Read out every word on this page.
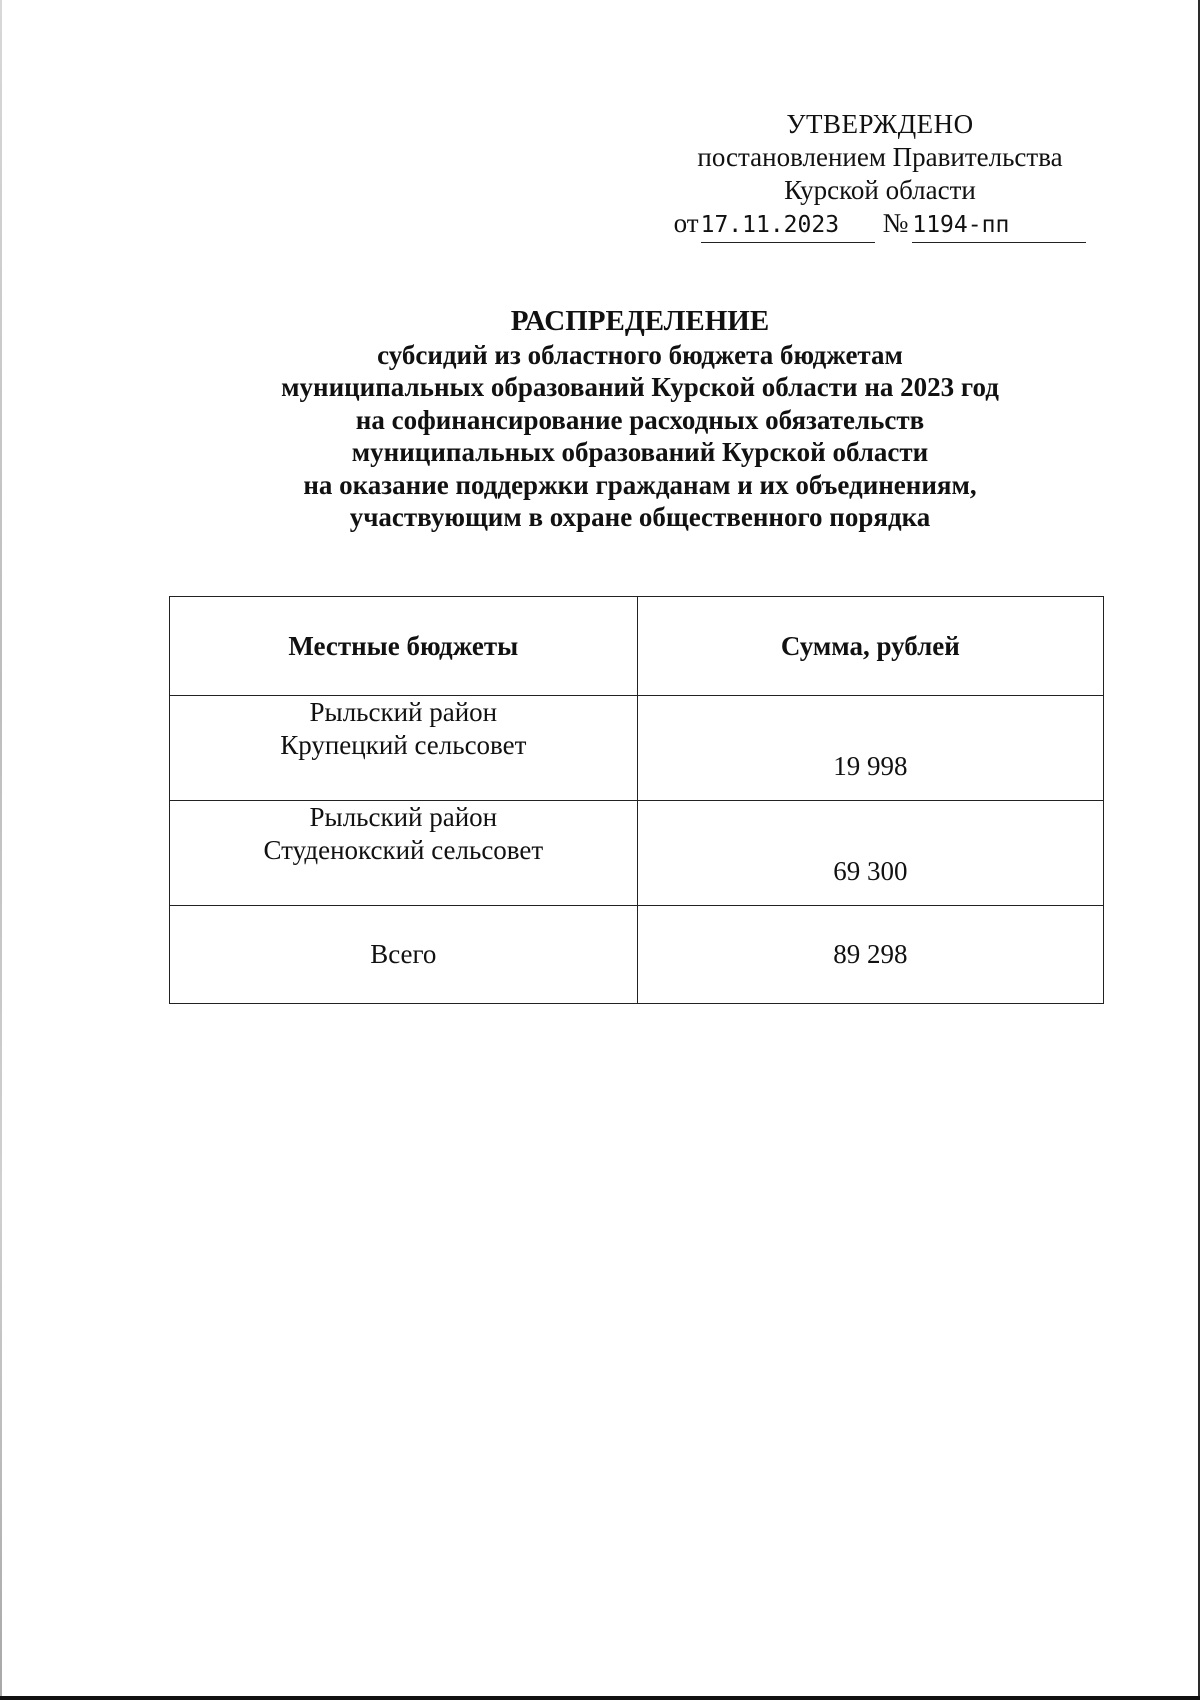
УТВЕРЖДЕНО
постановлением Правительства
Курской области
от 17.11.2023	№ 1194-пп
РАСПРЕДЕЛЕНИЕ
субсидий из областного бюджета бюджетам
муниципальных образований Курской области на 2023 год
на софинансирование расходных обязательств
муниципальных образований Курской области
на оказание поддержки гражданам и их объединениям,
участвующим в охране общественного порядка
Местные бюджеты	Сумма, рублей

Рыльский район
Крупецкий сельсовет	19 998

Рыльский район
Студенокский сельсовет	69 300
Всего	89 298
